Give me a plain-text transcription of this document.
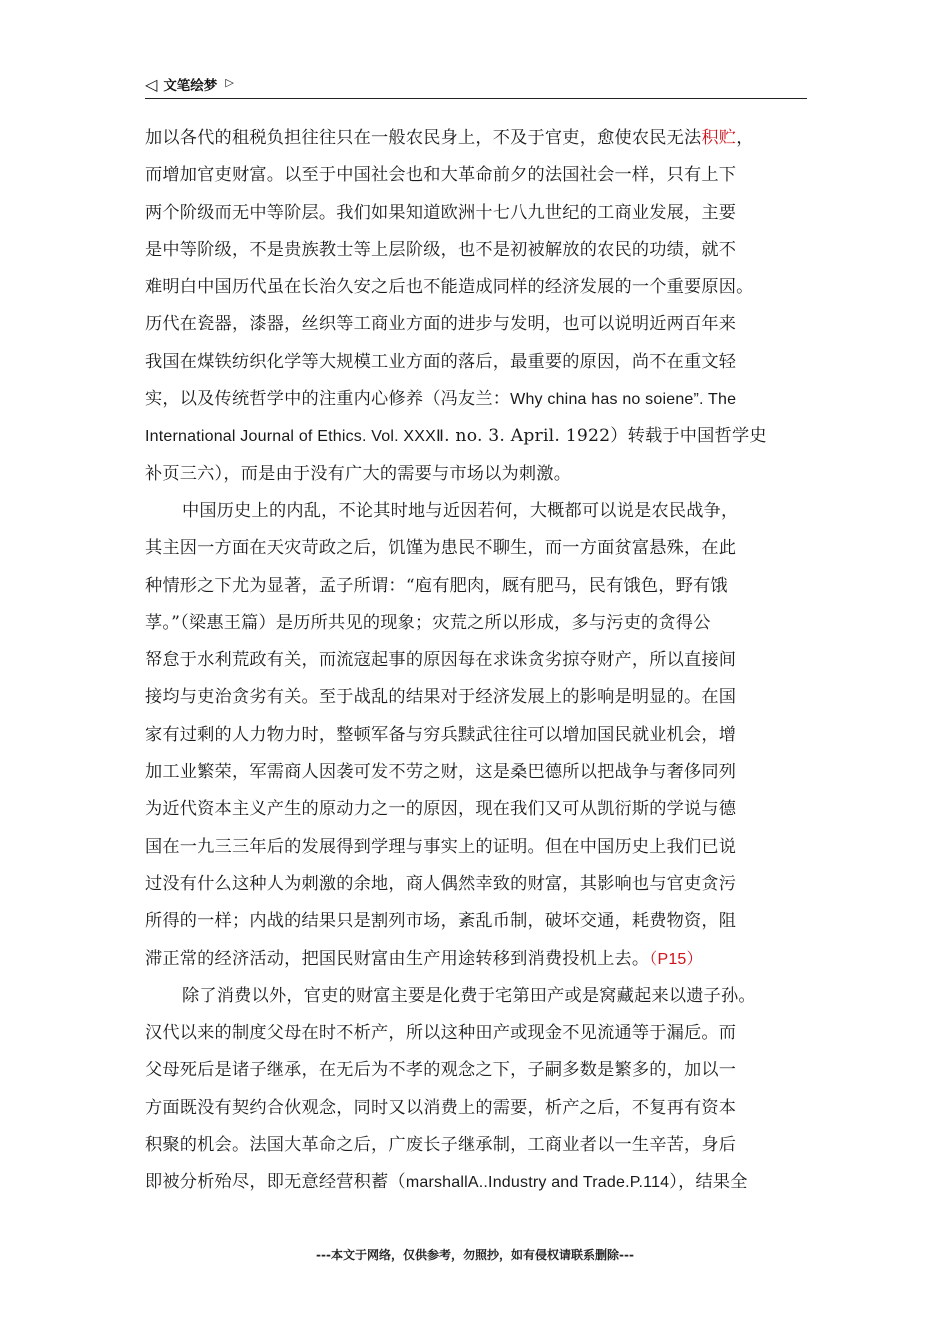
◁ 文笔绘梦 ▷
加以各代的租税负担往往只在一般农民身上，不及于官吏，愈使农民无法积贮，
而增加官吏财富。以至于中国社会也和大革命前夕的法国社会一样，只有上下
两个阶级而无中等阶层。我们如果知道欧洲十七八九世纪的工商业发展，主要
是中等阶级，不是贵族教士等上层阶级，也不是初被解放的农民的功绩，就不
难明白中国历代虽在长治久安之后也不能造成同样的经济发展的一个重要原因。
历代在瓷器，漆器，丝织等工商业方面的进步与发明，也可以说明近两百年来
我国在煤铁纺织化学等大规模工业方面的落后，最重要的原因，尚不在重文轻
实，以及传统哲学中的注重内心修养（冯友兰：Why china has no soiene”. The
International Journal of Ethics. Vol. XXXⅡ. no. 3. April. 1922）转载于中国哲学史
补页三六），而是由于没有广大的需要与市场以为刺激。
中国历史上的内乱，不论其时地与近因若何，大概都可以说是农民战争，
其主因一方面在天灾苛政之后，饥馑为患民不聊生，而一方面贫富悬殊，在此
种情形之下尤为显著，孟子所谓：“庖有肥肉，厩有肥马，民有饿色，野有饿
莩。”（梁惠王篇）是历所共见的现象；灾荒之所以形成，多与污吏的贪得公
帑怠于水利荒政有关，而流寇起事的原因每在求诛贪劣掠夺财产，所以直接间
接均与吏治贪劣有关。至于战乱的结果对于经济发展上的影响是明显的。在国
家有过剩的人力物力时，整顿军备与穷兵黩武往往可以增加国民就业机会，增
加工业繁荣，军需商人因袭可发不劳之财，这是桑巴德所以把战争与奢侈同列
为近代资本主义产生的原动力之一的原因，现在我们又可从凯衍斯的学说与德
国在一九三三年后的发展得到学理与事实上的证明。但在中国历史上我们已说
过没有什么这种人为刺激的余地，商人偶然幸致的财富，其影响也与官吏贪污
所得的一样；内战的结果只是割列市场，紊乱币制，破坏交通，耗费物资，阻
滞正常的经济活动，把国民财富由生产用途转移到消费投机上去。（P15）
除了消费以外，官吏的财富主要是化费于宅第田产或是窝藏起来以遗子孙。
汉代以来的制度父母在时不析产，所以这种田产或现金不见流通等于漏卮。而
父母死后是诸子继承，在无后为不孝的观念之下，子嗣多数是繁多的，加以一
方面既没有契约合伙观念，同时又以消费上的需要，析产之后，不复再有资本
积聚的机会。法国大革命之后，广废长子继承制，工商业者以一生辛苦，身后
即被分析殆尽，即无意经营积蓄（marshallA..Industry and Trade.P.114），结果全
---本文于网络，仅供参考，勿照抄，如有侵权请联系删除---
